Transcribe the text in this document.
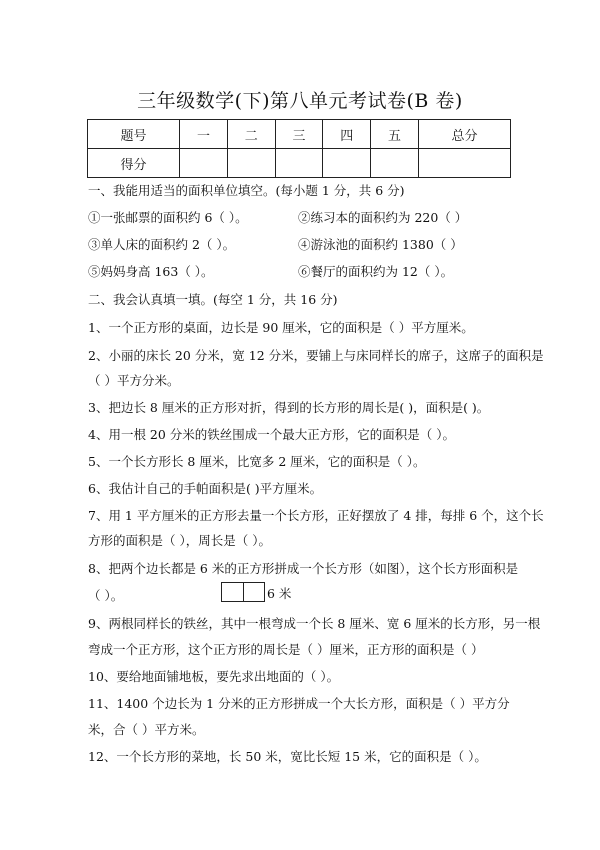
三年级数学(下)第八单元考试卷(B 卷)
题号	一	二	三	四	五	总分
得分						
一、我能用适当的面积单位填空。(每小题 1 分，共 6 分)
①一张邮票的面积约 6（ ）。	②练习本的面积约为 220（ ）
③单人床的面积约 2（ ）。	④游泳池的面积约 1380（ ）
⑤妈妈身高 163（ ）。	⑥餐厅的面积约为 12（ ）。
二、我会认真填一填。(每空 1 分，共 16 分)
1、一个正方形的桌面，边长是 90 厘米，它的面积是（ ）平方厘米。
2、小丽的床长 20 分米，宽 12 分米，要铺上与床同样长的席子，这席子的面积是
（ ）平方分米。
3、把边长 8 厘米的正方形对折，得到的长方形的周长是( )，面积是( )。
4、用一根 20 分米的铁丝围成一个最大正方形，它的面积是（ ）。
5、一个长方形长 8 厘米，比宽多 2 厘米，它的面积是（ ）。
6、我估计自己的手帕面积是( )平方厘米。
7、用 1 平方厘米的正方形去量一个长方形，正好摆放了 4 排，每排 6 个，这个长
方形的面积是（ ），周长是（ ）。
8、把两个边长都是 6 米的正方形拼成一个长方形（如图），这个长方形面积是
（ ）。	6 米
9、两根同样长的铁丝，其中一根弯成一个长 8 厘米、宽 6 厘米的长方形，另一根
弯成一个正方形，这个正方形的周长是（ ）厘米，正方形的面积是（ ）
10、要给地面铺地板，要先求出地面的（ ）。
11、1400 个边长为 1 分米的正方形拼成一个大长方形，面积是（ ）平方分
米，合（ ）平方米。
12、一个长方形的菜地，长 50 米，宽比长短 15 米，它的面积是（ ）。
